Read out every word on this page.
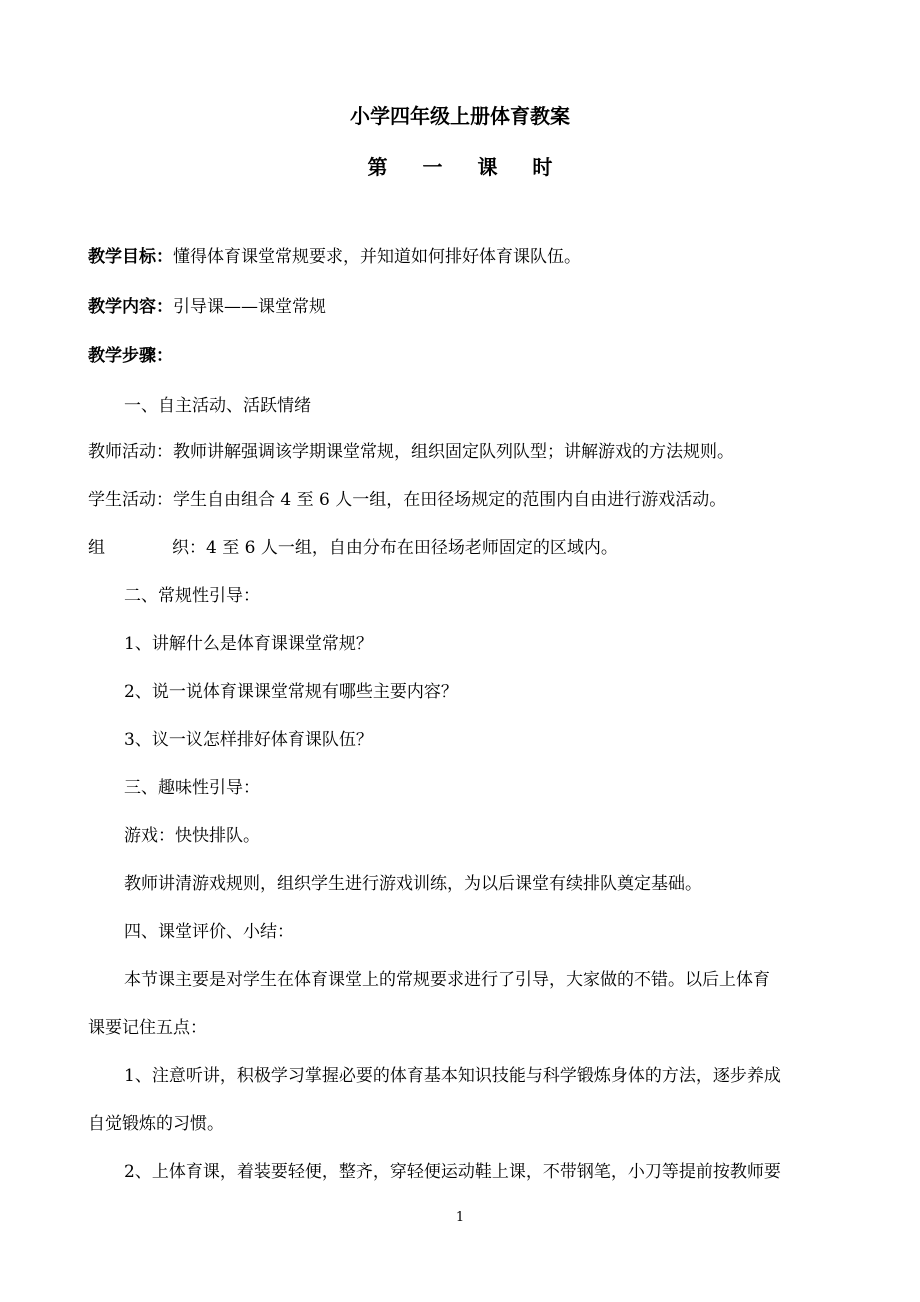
小学四年级上册体育教案
第 一 课 时
教学目标：懂得体育课堂常规要求，并知道如何排好体育课队伍。
教学内容：引导课——课堂常规
教学步骤：
一、自主活动、活跃情绪
教师活动：教师讲解强调该学期课堂常规，组织固定队列队型；讲解游戏的方法规则。
学生活动：学生自由组合 4 至 6 人一组，在田径场规定的范围内自由进行游戏活动。
组	织：4 至 6 人一组，自由分布在田径场老师固定的区域内。
二、常规性引导：
1、讲解什么是体育课课堂常规？
2、说一说体育课课堂常规有哪些主要内容？
3、议一议怎样排好体育课队伍？
三、趣味性引导：
游戏：快快排队。
教师讲清游戏规则，组织学生进行游戏训练，为以后课堂有续排队奠定基础。
四、课堂评价、小结：
本节课主要是对学生在体育课堂上的常规要求进行了引导，大家做的不错。以后上体育
课要记住五点：
1、注意听讲，积极学习掌握必要的体育基本知识技能与科学锻炼身体的方法，逐步养成
自觉锻炼的习惯。
2、上体育课，着装要轻便，整齐，穿轻便运动鞋上课，不带钢笔，小刀等提前按教师要
1
